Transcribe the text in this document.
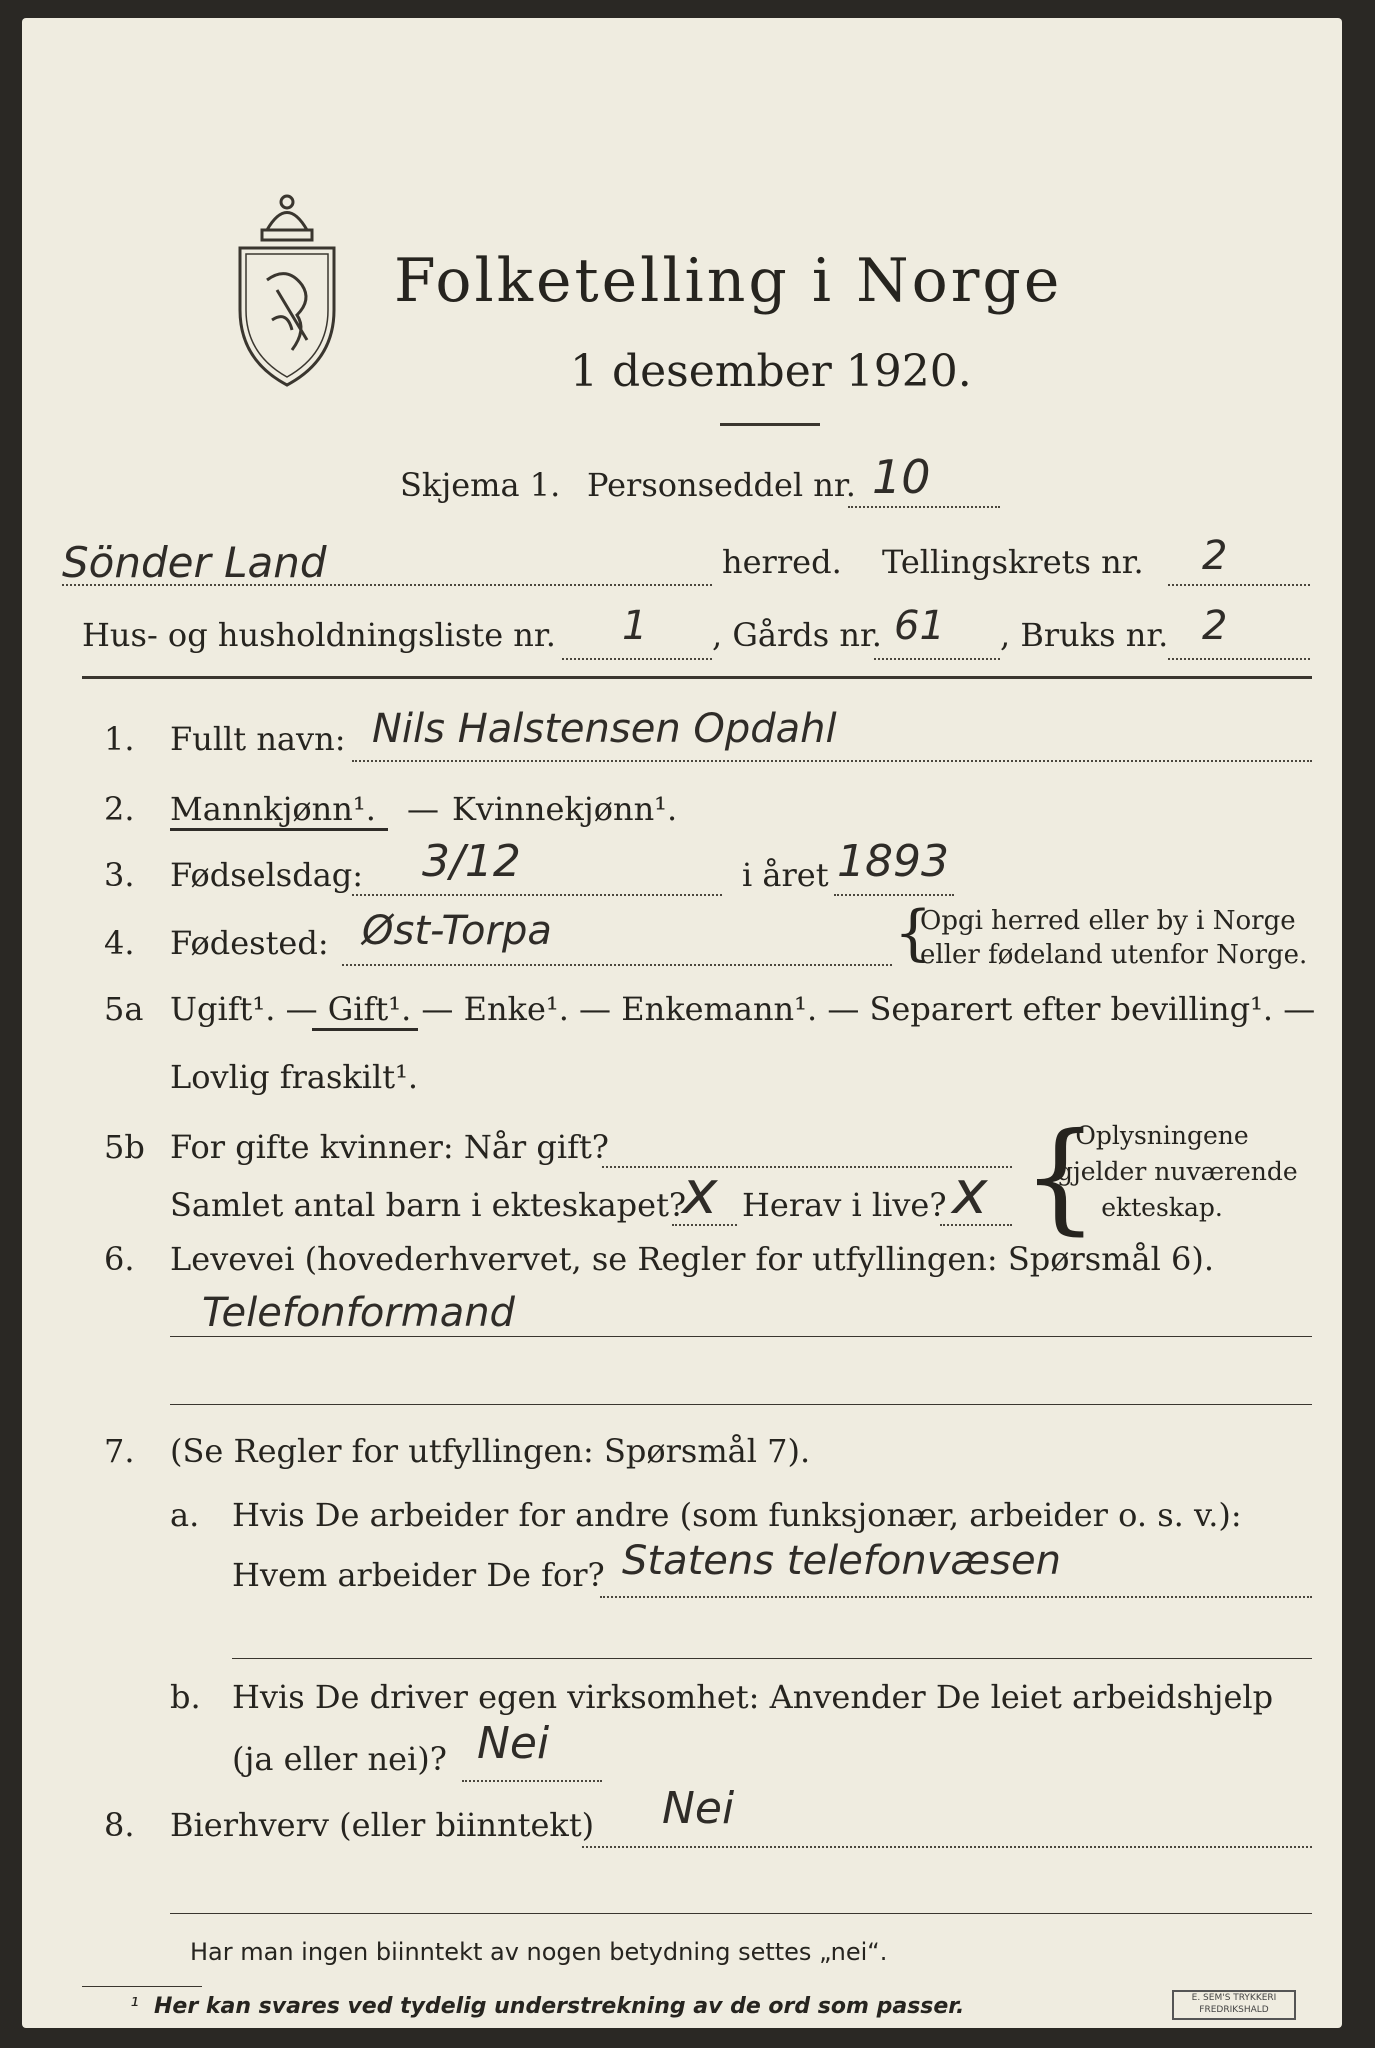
Folketelling i Norge
1 desember 1920.
Skjema 1. Personseddel nr. 10
Sönder Land	herred. Tellingskrets nr. 2
Hus- og husholdningsliste nr. 1 , Gårds nr. 61 , Bruks nr. 2
1. Fullt navn: Nils Halstensen Opdahl
2. Mannkjønn¹. — Kvinnekjønn¹.
3. Fødselsdag: 3/12	i året 1893
4. Fødested: Øst-Torpa	{
Opgi herred eller by i Norge
eller fødeland utenfor Norge.
5a Ugift¹. — Gift¹. — Enke¹. — Enkemann¹. — Separert efter bevilling¹. —
Lovlig fraskilt¹.
5b For gifte kvinner: Når gift?
Samlet antal barn i ekteskapet?
x Herav i live? x {
Oplysningene
gjelder nuværende
ekteskap.
6. Levevei (hovederhvervet, se Regler for utfyllingen: Spørsmål 6).
Telefonformand
7. (Se Regler for utfyllingen: Spørsmål 7).
a. Hvis De arbeider for andre (som funksjonær, arbeider o. s. v.):
Hvem arbeider De for? Statens telefonvæsen
b. Hvis De driver egen virksomhet: Anvender De leiet arbeidshjelp
(ja eller nei)? Nei
8. Bierhverv (eller biinntekt) Nei
Har man ingen biinntekt av nogen betydning settes „nei“.
¹ Her kan svares ved tydelig understrekning av de ord som passer.	E. SEM'S TRYKKERI
FREDRIKSHALD
